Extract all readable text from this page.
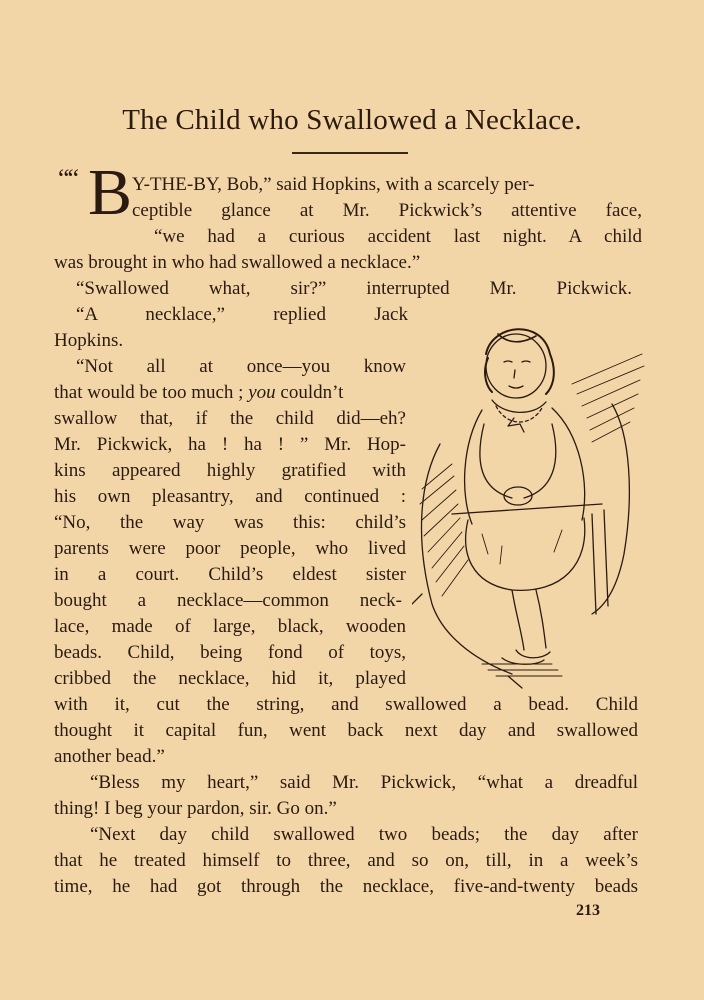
The Child who Swallowed a Necklace.
““ B Y-THE-BY, Bob,” said Hopkins, with a scarcely per-
ceptible glance at Mr. Pickwick’s attentive face,
“we had a curious accident last night. A child
was brought in who had swallowed a necklace.”
“Swallowed what, sir?” interrupted Mr. Pickwick.
“A necklace,” replied Jack
Hopkins.
“Not all at once—you know
that would be too much ; you couldn’t
swallow that, if the child did—eh?
Mr. Pickwick, ha ! ha ! ” Mr. Hop-
kins appeared highly gratified with
his own pleasantry, and continued :
“No, the way was this: child’s
parents were poor people, who lived
in a court. Child’s eldest sister
bought a necklace—common neck-
lace, made of large, black, wooden
beads. Child, being fond of toys,
cribbed the necklace, hid it, played
with it, cut the string, and swallowed a bead. Child
thought it capital fun, went back next day and swallowed
another bead.”
“Bless my heart,” said Mr. Pickwick, “what a dreadful
thing! I beg your pardon, sir. Go on.”
“Next day child swallowed two beads; the day after
that he treated himself to three, and so on, till, in a week’s
time, he had got through the necklace, five-and-twenty beads
213
